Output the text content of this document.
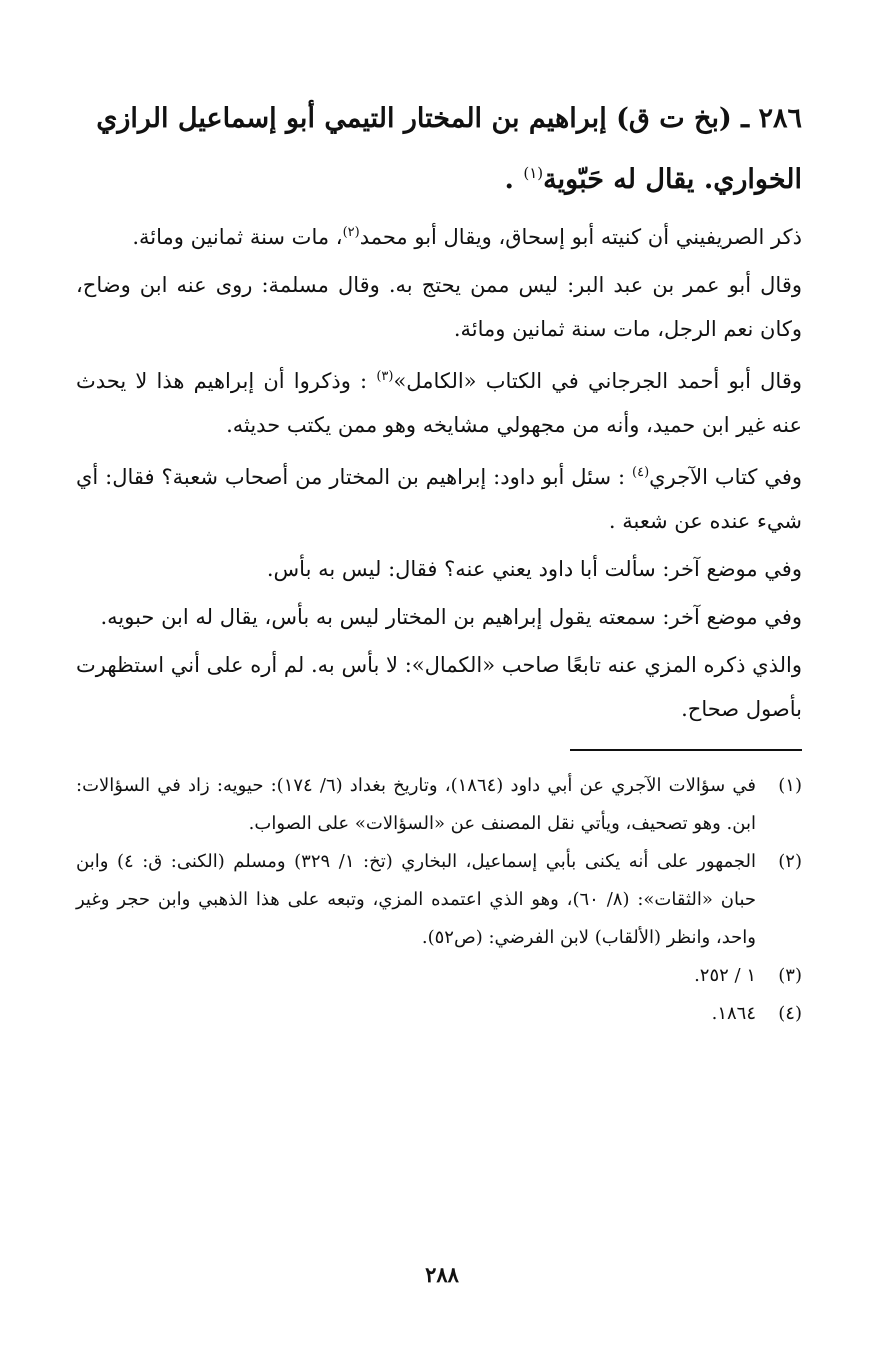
٢٨٦ ـ (بخ ت ق) إبراهيم بن المختار التيمي أبو إسماعيل الرازي
الخواري. يقال له حَبّوية$^{(١)}$ .

ذكر الصريفيني أن كنيته أبو إسحاق، ويقال أبو محمد$^{(٢)}$، مات سنة ثمانين ومائة.

وقال أبو عمر بن عبد البر: ليس ممن يحتج به. وقال مسلمة: روى عنه ابن وضاح، وكان نعم الرجل، مات سنة ثمانين ومائة.

وقال أبو أحمد الجرجاني في الكتاب «الكامل»$^{(٣)}$ : وذكروا أن إبراهيم هذا لا يحدث عنه غير ابن حميد، وأنه من مجهولي مشايخه وهو ممن يكتب حديثه.

وفي كتاب الآجري$^{(٤)}$ : سئل أبو داود: إبراهيم بن المختار من أصحاب شعبة؟ فقال: أي شيء عنده عن شعبة .

وفي موضع آخر: سألت أبا داود يعني عنه؟ فقال: ليس به بأس.

وفي موضع آخر: سمعته يقول إبراهيم بن المختار ليس به بأس، يقال له ابن حبويه.

والذي ذكره المزي عنه تابعًا صاحب «الكمال»: لا بأس به. لم أره على أني استظهرت بأصول صحاح.

(١)
في سؤالات الآجري عن أبي داود (١٨٦٤)، وتاريخ بغداد (٦/ ١٧٤): حيويه: زاد في السؤالات: ابن. وهو تصحيف، ويأتي نقل المصنف عن «السؤالات» على الصواب.
(٢)
الجمهور على أنه يكنى بأبي إسماعيل، البخاري (تخ: ١/ ٣٢٩) ومسلم (الكنى: ق: ٤) وابن حبان «الثقات»: (٨/ ٦٠)، وهو الذي اعتمده المزي، وتبعه على هذا الذهبي وابن حجر وغير واحد، وانظر (الألقاب) لابن الفرضي: (ص٥٢).
(٣)
١ / ٢٥٢.
(٤)
١٨٦٤.
٢٨٨
